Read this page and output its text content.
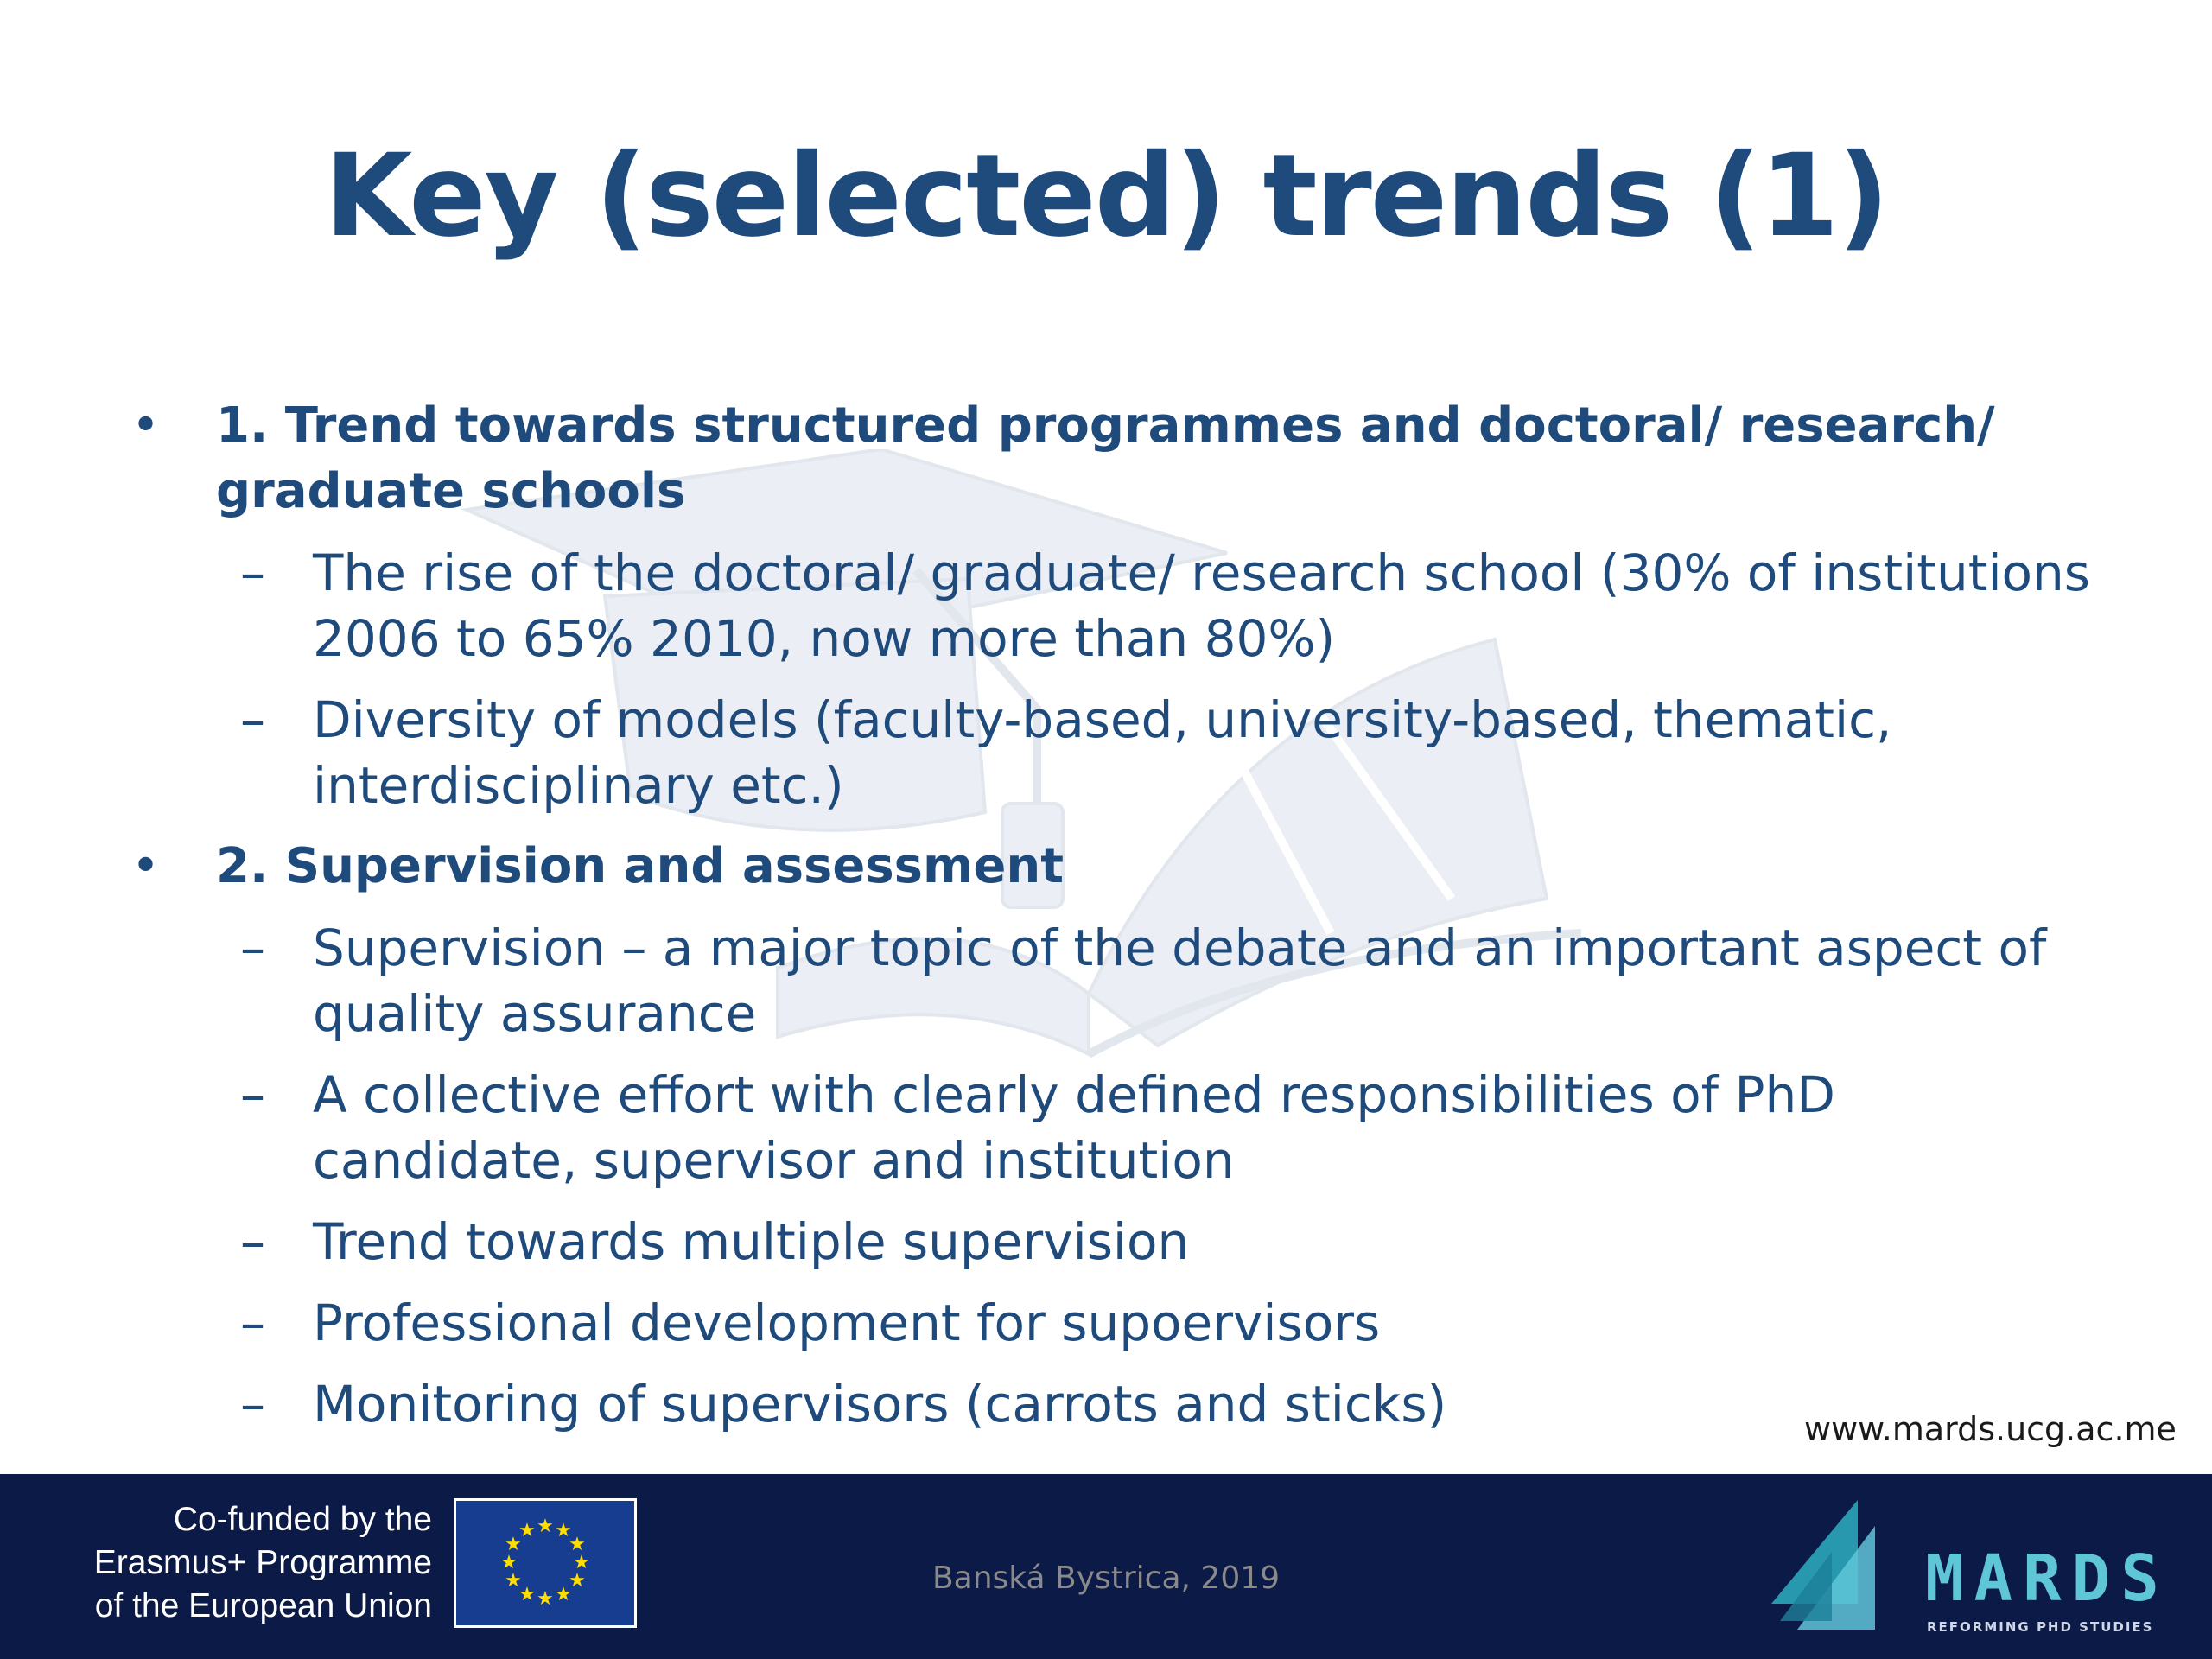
Key (selected) trends (1)
• 1. Trend towards structured programmes and doctoral/ research/ graduate schools
– The rise of the doctoral/ graduate/ research school (30% of institutions 2006 to 65% 2010, now more than 80%)
– Diversity of models (faculty-based, university-based, thematic, interdisciplinary etc.)
• 2. Supervision and assessment
– Supervision – a major topic of the debate and an important aspect of quality assurance
– A collective effort with clearly defined responsibilities of PhD candidate, supervisor and institution
– Trend towards multiple supervision
– Professional development for supoervisors
– Monitoring of supervisors (carrots and sticks)	www.mards.ucg.ac.me
Co-funded by the
Erasmus+ Programme
of the European Union
★ ★
★
★
★
★
★
★
★
★
★
★
Banská Bystrica, 2019	MARDS
REFORMING PHD STUDIES
